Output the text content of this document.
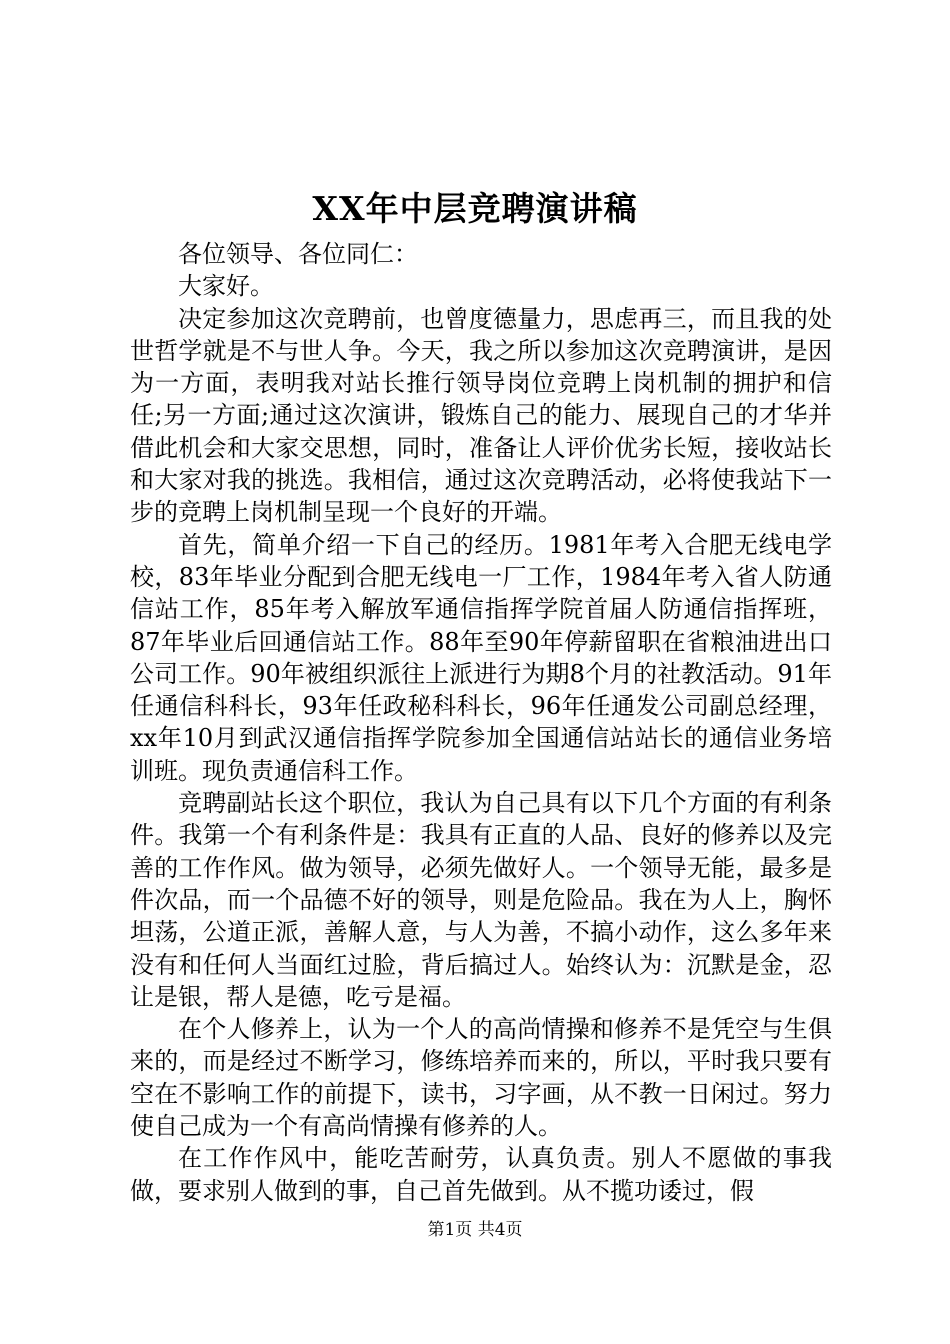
XX年中层竞聘演讲稿

各位领导、各位同仁：

大家好。

决定参加这次竞聘前，也曾度德量力，思虑再三，而且我的处世哲学就是不与世人争。今天，我之所以参加这次竞聘演讲，是因为一方面，表明我对站长推行领导岗位竞聘上岗机制的拥护和信任;另一方面;通过这次演讲，锻炼自己的能力、展现自己的才华并借此机会和大家交思想，同时，准备让人评价优劣长短，接收站长和大家对我的挑选。我相信，通过这次竞聘活动，必将使我站下一步的竞聘上岗机制呈现一个良好的开端。

首先，简单介绍一下自己的经历。1981年考入合肥无线电学校，83年毕业分配到合肥无线电一厂工作，1984年考入省人防通信站工作，85年考入解放军通信指挥学院首届人防通信指挥班，87年毕业后回通信站工作。88年至90年停薪留职在省粮油进出口公司工作。90年被组织派往上派进行为期8个月的社教活动。91年任通信科科长，93年任政秘科科长，96年任通发公司副总经理，xx年10月到武汉通信指挥学院参加全国通信站站长的通信业务培训班。现负责通信科工作。

竞聘副站长这个职位，我认为自己具有以下几个方面的有利条件。我第一个有利条件是：我具有正直的人品、良好的修养以及完善的工作作风。做为领导，必须先做好人。一个领导无能，最多是件次品，而一个品德不好的领导，则是危险品。我在为人上，胸怀坦荡，公道正派，善解人意，与人为善，不搞小动作，这么多年来没有和任何人当面红过脸，背后搞过人。始终认为：沉默是金，忍让是银，帮人是德，吃亏是福。

在个人修养上，认为一个人的高尚情操和修养不是凭空与生俱来的，而是经过不断学习，修练培养而来的，所以，平时我只要有空在不影响工作的前提下，读书，习字画，从不教一日闲过。努力使自己成为一个有高尚情操有修养的人。

在工作作风中，能吃苦耐劳，认真负责。别人不愿做的事我做，要求别人做到的事，自己首先做到。从不揽功诿过，假

第1页 共4页
